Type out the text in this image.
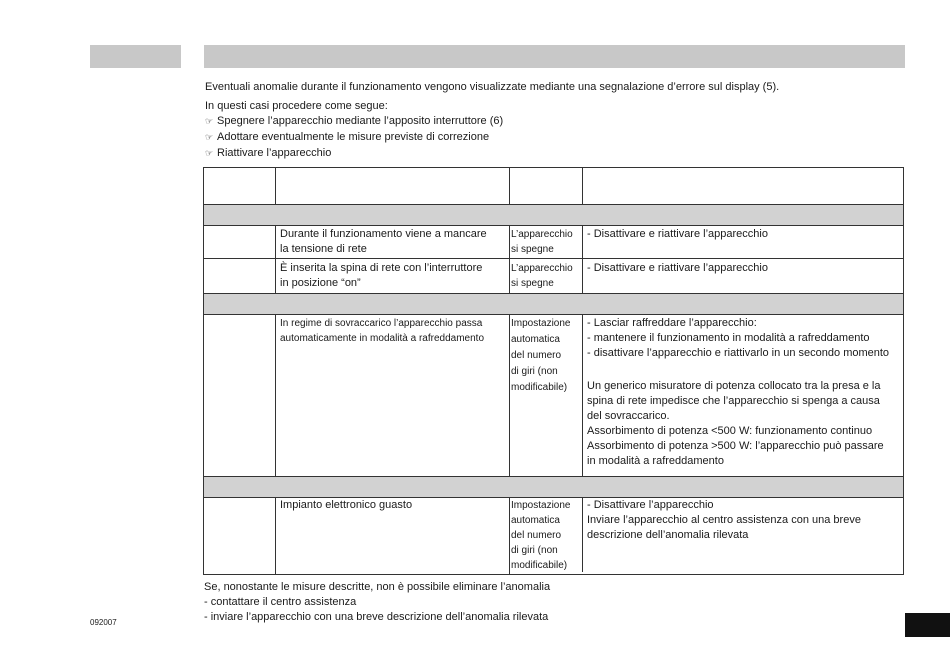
Eventuali anomalie durante il funzionamento vengono visualizzate mediante una segnalazione d’errore sul display (5).

In questi casi procedere come segue:
☞ Spegnere l’apparecchio mediante l’apposito interruttore (6)
☞ Adottare eventualmente le misure previste di correzione
☞ Riattivare l’apparecchio
Durante il funzionamento viene a mancare
la tensione di rete
L’apparecchio
si spegne
- Disattivare e riattivare l’apparecchio
È inserita la spina di rete con l’interruttore
in posizione “on”
L’apparecchio
si spegne
- Disattivare e riattivare l’apparecchio
In regime di sovraccarico l’apparecchio passa
automaticamente in modalità a rafreddamento
Impostazione
automatica
del numero
di giri (non
modificabile)
- Lasciar raffreddare l’apparecchio:
- mantenere il funzionamento in modalità a rafreddamento
- disattivare l’apparecchio e riattivarlo in un secondo momento
Un generico misuratore di potenza collocato tra la presa e la
spina di rete impedisce che l’apparecchio si spenga a causa
del sovraccarico.
Assorbimento di potenza <500 W: funzionamento continuo
Assorbimento di potenza >500 W: l’apparecchio può passare
in modalità a rafreddamento
Impianto elettronico guasto	Impostazione
automatica
del numero
di giri (non
modificabile)
- Disattivare l’apparecchio
Inviare l’apparecchio al centro assistenza con una breve
descrizione dell’anomalia rilevata
Se, nonostante le misure descritte, non è possibile eliminare l’anomalia
- contattare il centro assistenza
- inviare l’apparecchio con una breve descrizione dell’anomalia rilevata
092007
